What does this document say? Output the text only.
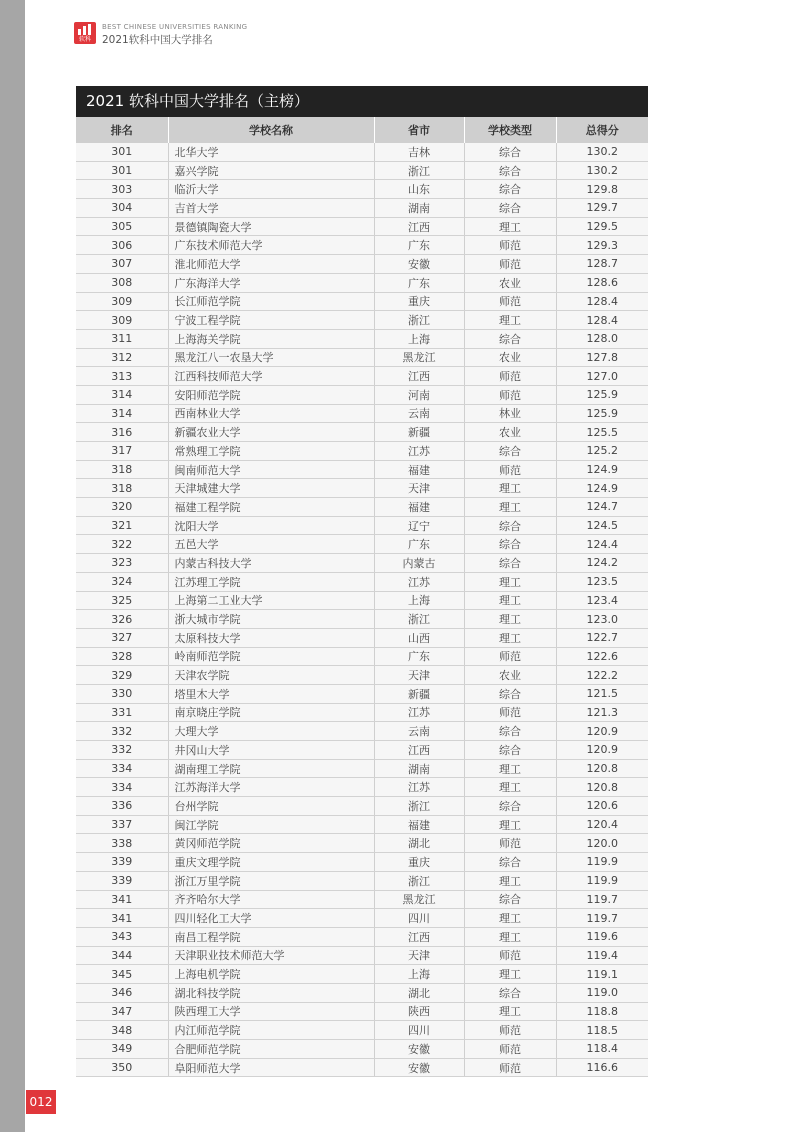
软科
BEST CHINESE UNIVERSITIES RANKING
2021软科中国大学排名
2021 软科中国大学排名（主榜）
排名	学校名称	省市	学校类型	总得分
301	北华大学	吉林	综合	130.2
301	嘉兴学院	浙江	综合	130.2
303	临沂大学	山东	综合	129.8
304	吉首大学	湖南	综合	129.7
305	景德镇陶瓷大学	江西	理工	129.5
306	广东技术师范大学	广东	师范	129.3
307	淮北师范大学	安徽	师范	128.7
308	广东海洋大学	广东	农业	128.6
309	长江师范学院	重庆	师范	128.4
309	宁波工程学院	浙江	理工	128.4
311	上海海关学院	上海	综合	128.0
312	黑龙江八一农垦大学	黑龙江	农业	127.8
313	江西科技师范大学	江西	师范	127.0
314	安阳师范学院	河南	师范	125.9
314	西南林业大学	云南	林业	125.9
316	新疆农业大学	新疆	农业	125.5
317	常熟理工学院	江苏	综合	125.2
318	闽南师范大学	福建	师范	124.9
318	天津城建大学	天津	理工	124.9
320	福建工程学院	福建	理工	124.7
321	沈阳大学	辽宁	综合	124.5
322	五邑大学	广东	综合	124.4
323	内蒙古科技大学	内蒙古	综合	124.2
324	江苏理工学院	江苏	理工	123.5
325	上海第二工业大学	上海	理工	123.4
326	浙大城市学院	浙江	理工	123.0
327	太原科技大学	山西	理工	122.7
328	岭南师范学院	广东	师范	122.6
329	天津农学院	天津	农业	122.2
330	塔里木大学	新疆	综合	121.5
331	南京晓庄学院	江苏	师范	121.3
332	大理大学	云南	综合	120.9
332	井冈山大学	江西	综合	120.9
334	湖南理工学院	湖南	理工	120.8
334	江苏海洋大学	江苏	理工	120.8
336	台州学院	浙江	综合	120.6
337	闽江学院	福建	理工	120.4
338	黄冈师范学院	湖北	师范	120.0
339	重庆文理学院	重庆	综合	119.9
339	浙江万里学院	浙江	理工	119.9
341	齐齐哈尔大学	黑龙江	综合	119.7
341	四川轻化工大学	四川	理工	119.7
343	南昌工程学院	江西	理工	119.6
344	天津职业技术师范大学	天津	师范	119.4
345	上海电机学院	上海	理工	119.1
346	湖北科技学院	湖北	综合	119.0
347	陕西理工大学	陕西	理工	118.8
348	内江师范学院	四川	师范	118.5
349	合肥师范学院	安徽	师范	118.4
350	阜阳师范大学	安徽	师范	116.6
012
